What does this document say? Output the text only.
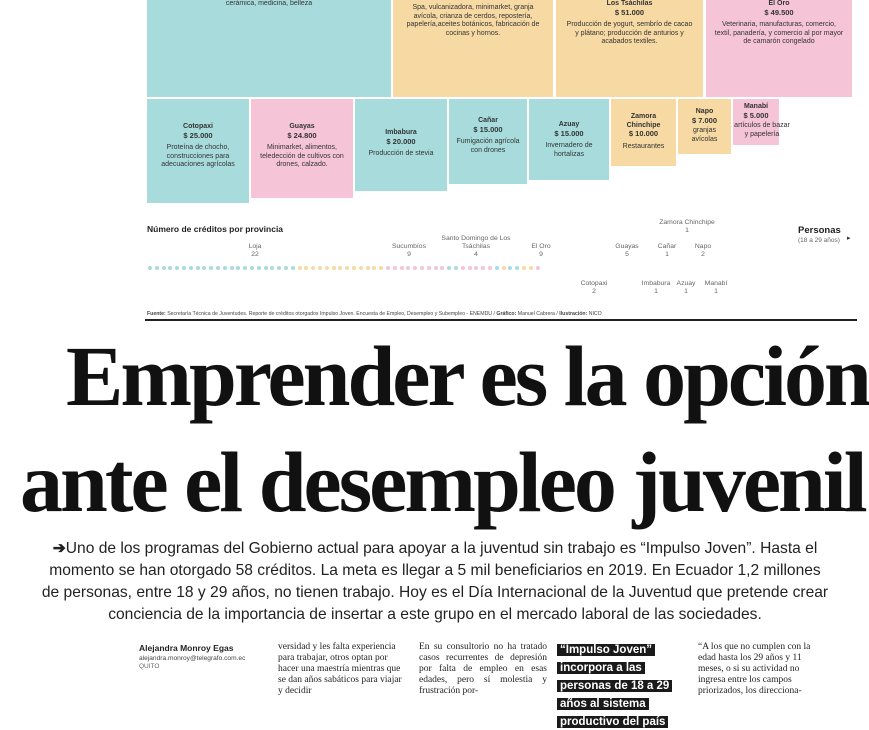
cerámica, medicina, belleza
Spa, vulcanizadora, minimarket, granja avícola, crianza de cerdos, repostería, papelería,aceites botánicos, fabricación de cocinas y hornos.
Los Tsáchilas
$ 51.000
Producción de yogurt, sembrío de cacao y plátano; producción de anturios y acabados textiles.
El Oro
$ 49.500
Veterinaria, manufacturas, comercio, textil, panadería, y comercio al por mayor de camarón congelado
Cotopaxi
$ 25.000
Proteína de chocho, construcciones para adecuaciones agrícolas
Guayas
$ 24.800
Minimarket, alimentos, teledección de cultivos con drones, calzado.
Imbabura
$ 20.000
Producción de stevia
Cañar
$ 15.000
Fumigación agrícola con drones
Azuay
$ 15.000
Invernadero de hortalizas
Zamora Chinchipe
$ 10.000
Restaurantes
Napo
$ 7.000
granjas avícolas
Manabí
$ 5.000
artículos de bazar y papelería
Número de créditos por provincia	Personas
(18 a 29 años) ▸
Loja
22
Sucumbíos
9
Santo Domingo de Los Tsáchilas
4
El Oro
9
Guayas
5
Cañar
1
Zamora Chinchipe
1
Napo
2
Cotopaxi
2
Imbabura
1
Azuay
1
Manabí
1
Fuente: Secretaría Técnica de Juventudes. Reporte de créditos otorgados Impulso Joven. Encuesta de Empleo, Desempleo y Subempleo - ENEMDU / Gráfico: Manuel Cabrera / Ilustración: NICO
Emprender es la opción
ante el desempleo juvenil
➔Uno de los programas del Gobierno actual para apoyar a la juventud sin trabajo es “Impulso Joven”. Hasta el momento se han otorgado 58 créditos. La meta es llegar a 5 mil beneficiarios en 2019. En Ecuador 1,2 millones de personas, entre 18 y 29 años, no tienen trabajo. Hoy es el Día Internacional de la Juventud que pretende crear conciencia de la importancia de insertar a este grupo en el mercado laboral de las sociedades.
Alejandra Monroy Egas
alejandra.monroy@telegrafo.com.ec
QUITO
versidad y les falta experiencia para trabajar, otros optan por hacer una maestría mientras que se dan años sabáticos para viajar y decidir
En su consultorio no ha tratado casos recurrentes de depresión por falta de empleo en esas edades, pero sí molestia y frustración por-
“Impulso Joven” incorpora a las personas de 18 a 29 años al sistema productivo del país
“A los que no cumplen con la edad hasta los 29 años y 11 meses, o si su actividad no ingresa entre los campos priorizados, los direcciona-
